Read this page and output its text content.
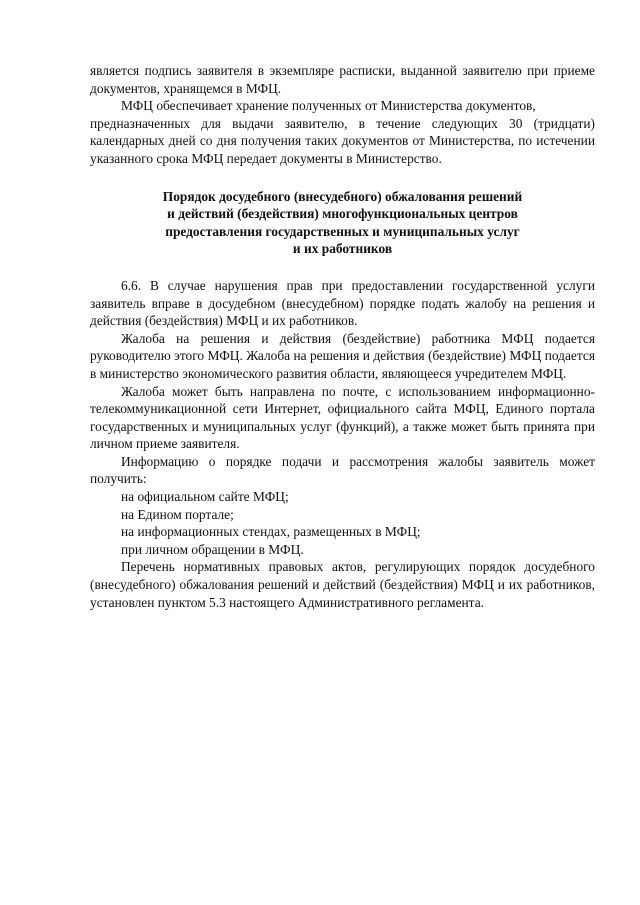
является подпись заявителя в экземпляре расписки, выданной заявителю при приеме документов, хранящемся в МФЦ.

МФЦ обеспечивает хранение полученных от Министерства документов,

предназначенных для выдачи заявителю, в течение следующих 30 (тридцати) календарных дней со дня получения таких документов от Министерства, по истечении указанного срока МФЦ передает документы в Министерство.

Порядок досудебного (внесудебного) обжалования решений
и действий (бездействия) многофункциональных центров
предоставления государственных и муниципальных услуг
и их работников

6.6. В случае нарушения прав при предоставлении государственной услуги заявитель вправе в досудебном (внесудебном) порядке подать жалобу на решения и действия (бездействия) МФЦ и их работников.

Жалоба на решения и действия (бездействие) работника МФЦ подается руководителю этого МФЦ. Жалоба на решения и действия (бездействие) МФЦ подается в министерство экономического развития области, являющееся учредителем МФЦ.

Жалоба может быть направлена по почте, с использованием информационно-телекоммуникационной сети Интернет, официального сайта МФЦ, Единого портала государственных и муниципальных услуг (функций), а также может быть принята при личном приеме заявителя.

Информацию о порядке подачи и рассмотрения жалобы заявитель может получить:

на официальном сайте МФЦ;

на Едином портале;

на информационных стендах, размещенных в МФЦ;

при личном обращении в МФЦ.

Перечень нормативных правовых актов, регулирующих порядок досудебного (внесудебного) обжалования решений и действий (бездействия) МФЦ и их работников, установлен пунктом 5.3 настоящего Административного регламента.
